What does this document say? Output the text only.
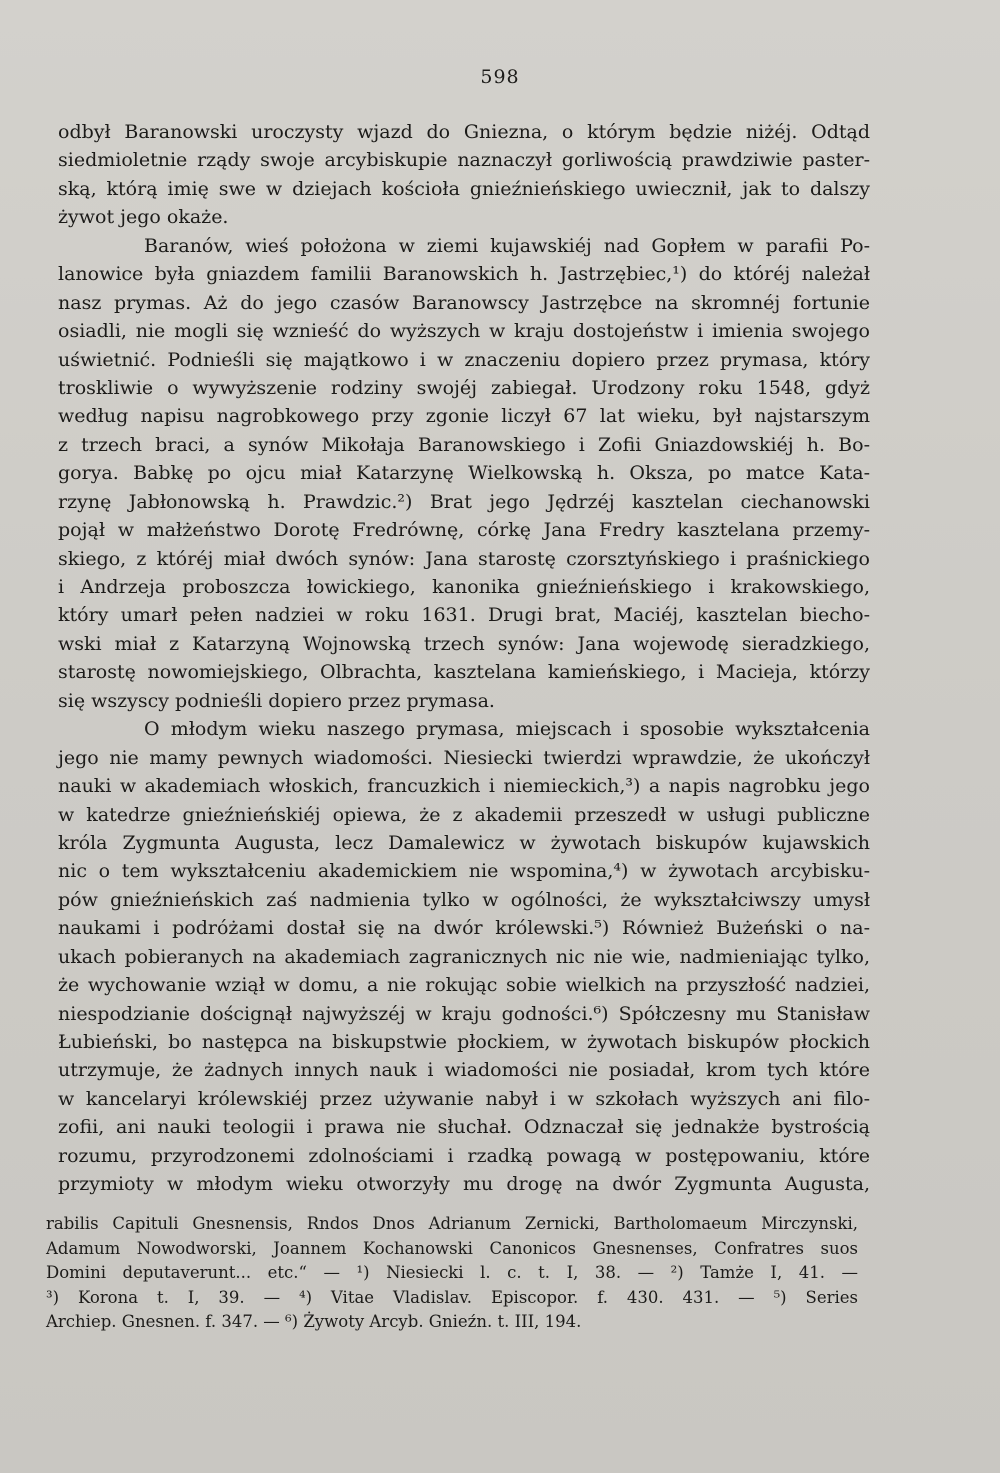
598
odbył Baranowski uroczysty wjazd do Gniezna, o którym będzie niżéj. Odtąd
siedmioletnie rządy swoje arcybiskupie naznaczył gorliwością prawdziwie paster-
ską, którą imię swe w dziejach kościoła gnieźnieńskiego uwiecznił, jak to dalszy
żywot jego okaże.
Baranów, wieś położona w ziemi kujawskiéj nad Gopłem w parafii Po-
lanowice była gniazdem familii Baranowskich h. Jastrzębiec,¹) do któréj należał
nasz prymas. Aż do jego czasów Baranowscy Jastrzębce na skromnéj fortunie
osiadli, nie mogli się wznieść do wyższych w kraju dostojeństw i imienia swojego
uświetnić. Podnieśli się majątkowo i w znaczeniu dopiero przez prymasa, który
troskliwie o wywyższenie rodziny swojéj zabiegał. Urodzony roku 1548, gdyż
według napisu nagrobkowego przy zgonie liczył 67 lat wieku, był najstarszym
z trzech braci, a synów Mikołaja Baranowskiego i Zofii Gniazdowskiéj h. Bo-
gorya. Babkę po ojcu miał Katarzynę Wielkowską h. Oksza, po matce Kata-
rzynę Jabłonowską h. Prawdzic.²) Brat jego Jędrzéj kasztelan ciechanowski
pojął w małżeństwo Dorotę Fredrównę, córkę Jana Fredry kasztelana przemy-
skiego, z któréj miał dwóch synów: Jana starostę czorsztyńskiego i praśnickiego
i Andrzeja proboszcza łowickiego, kanonika gnieźnieńskiego i krakowskiego,
który umarł pełen nadziei w roku 1631. Drugi brat, Maciéj, kasztelan biecho-
wski miał z Katarzyną Wojnowską trzech synów: Jana wojewodę sieradzkiego,
starostę nowomiejskiego, Olbrachta, kasztelana kamieńskiego, i Macieja, którzy
się wszyscy podnieśli dopiero przez prymasa.
O młodym wieku naszego prymasa, miejscach i sposobie wykształcenia
jego nie mamy pewnych wiadomości. Niesiecki twierdzi wprawdzie, że ukończył
nauki w akademiach włoskich, francuzkich i niemieckich,³) a napis nagrobku jego
w katedrze gnieźnieńskiéj opiewa, że z akademii przeszedł w usługi publiczne
króla Zygmunta Augusta, lecz Damalewicz w żywotach biskupów kujawskich
nic o tem wykształceniu akademickiem nie wspomina,⁴) w żywotach arcybisku-
pów gnieźnieńskich zaś nadmienia tylko w ogólności, że wykształciwszy umysł
naukami i podróżami dostał się na dwór królewski.⁵) Również Bużeński o na-
ukach pobieranych na akademiach zagranicznych nic nie wie, nadmieniając tylko,
że wychowanie wziął w domu, a nie rokując sobie wielkich na przyszłość nadziei,
niespodzianie doścignął najwyższéj w kraju godności.⁶) Spółczesny mu Stanisław
Łubieński, bo następca na biskupstwie płockiem, w żywotach biskupów płockich
utrzymuje, że żadnych innych nauk i wiadomości nie posiadał, krom tych które
w kancelaryi królewskiéj przez używanie nabył i w szkołach wyższych ani filo-
zofii, ani nauki teologii i prawa nie słuchał. Odznaczał się jednakże bystrością
rozumu, przyrodzonemi zdolnościami i rzadką powagą w postępowaniu, które
przymioty w młodym wieku otworzyły mu drogę na dwór Zygmunta Augusta,
rabilis Capituli Gnesnensis, Rndos Dnos Adrianum Zernicki, Bartholomaeum Mirczynski,
Adamum Nowodworski, Joannem Kochanowski Canonicos Gnesnenses, Confratres suos
Domini deputaverunt... etc.“ — ¹) Niesiecki l. c. t. I, 38. — ²) Tamże I, 41. —
³) Korona t. I, 39. — ⁴) Vitae Vladislav. Episcopor. f. 430. 431. — ⁵) Series
Archiep. Gnesnen. f. 347. — ⁶) Żywoty Arcyb. Gnieźn. t. III, 194.
